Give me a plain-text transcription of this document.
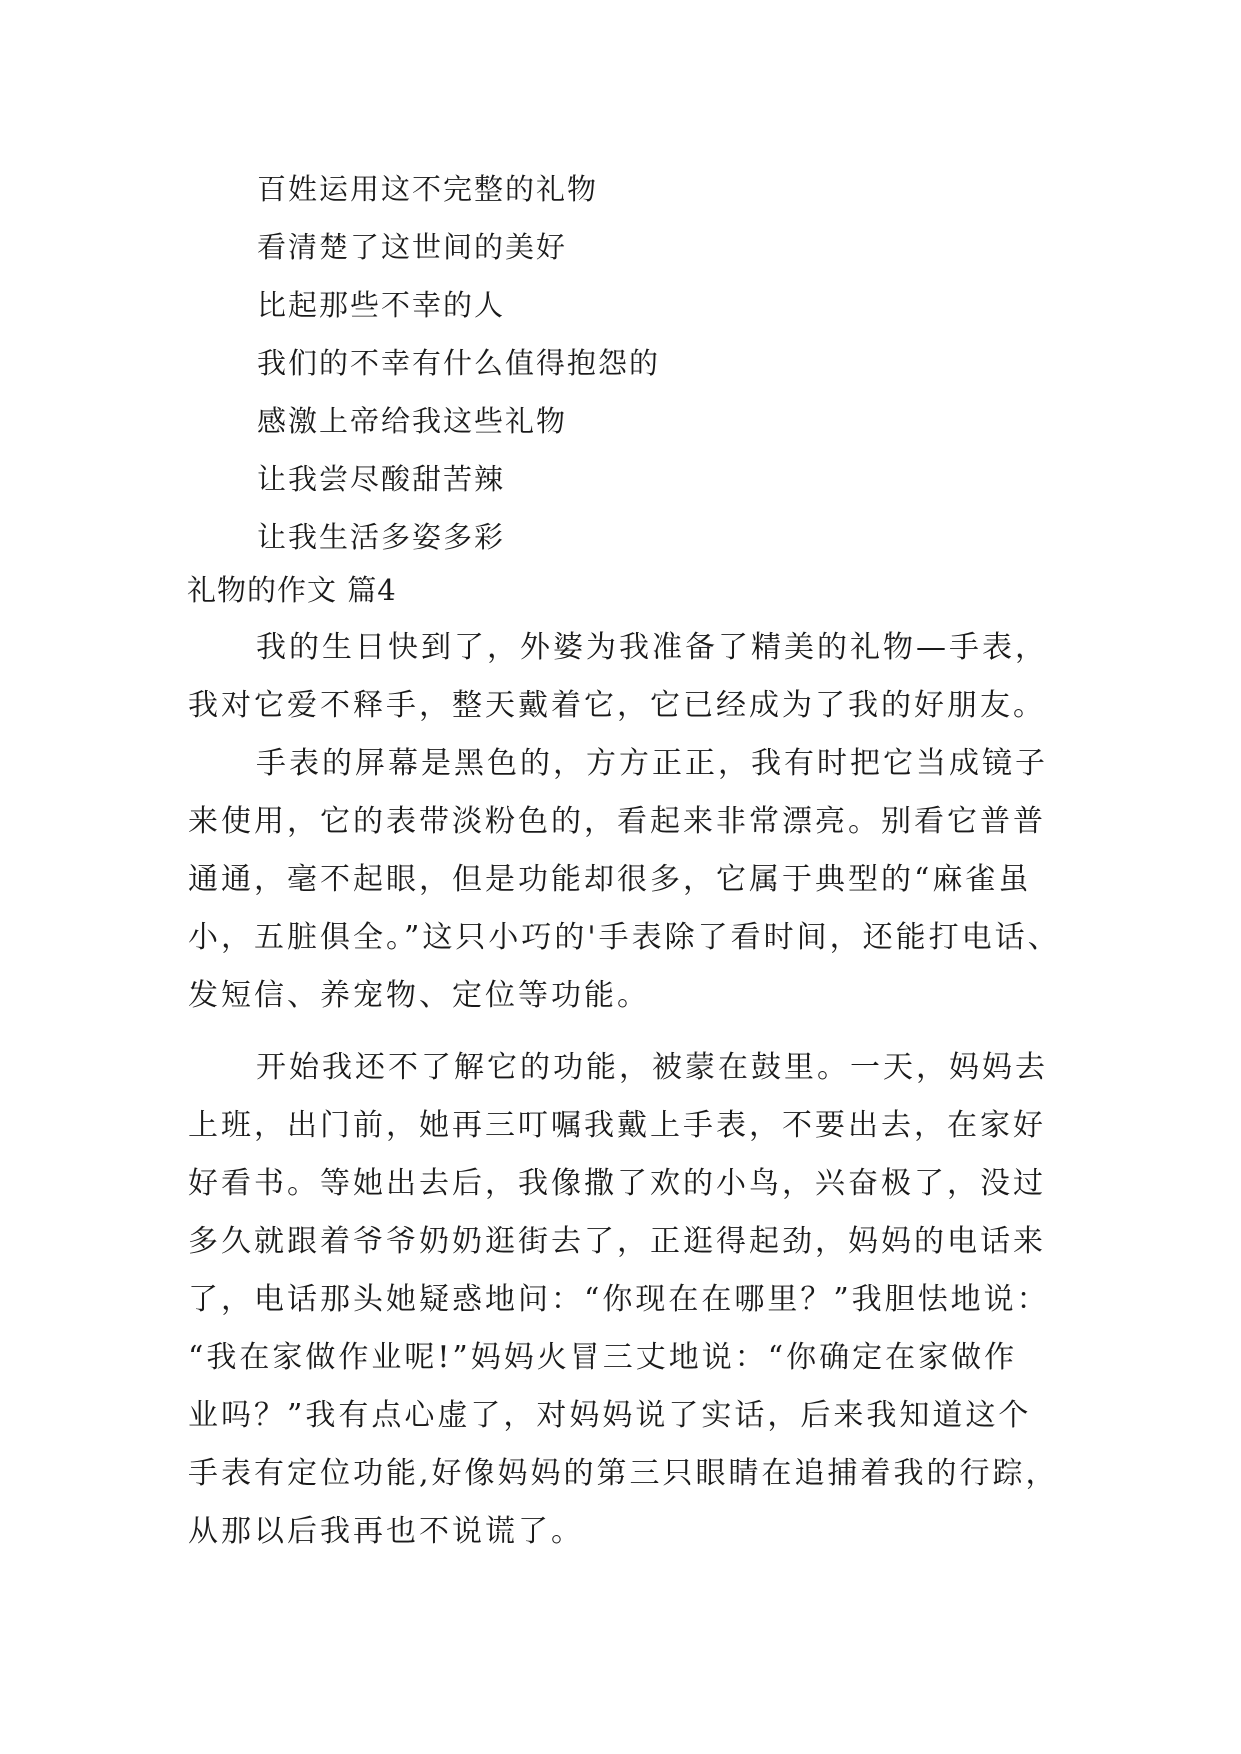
百姓运用这不完整的礼物
看清楚了这世间的美好
比起那些不幸的人
我们的不幸有什么值得抱怨的
感激上帝给我这些礼物
让我尝尽酸甜苦辣
让我生活多姿多彩
礼物的作文 篇4
我的生日快到了，外婆为我准备了精美的礼物—手表，
我对它爱不释手，整天戴着它，它已经成为了我的好朋友。
手表的屏幕是黑色的，方方正正，我有时把它当成镜子
来使用，它的表带淡粉色的，看起来非常漂亮。别看它普普
通通，毫不起眼，但是功能却很多，它属于典型的“麻雀虽
小，五脏俱全。”这只小巧的'手表除了看时间，还能打电话、
发短信、养宠物、定位等功能。
开始我还不了解它的功能，被蒙在鼓里。一天，妈妈去
上班，出门前，她再三叮嘱我戴上手表，不要出去，在家好
好看书。等她出去后，我像撒了欢的小鸟，兴奋极了，没过
多久就跟着爷爷奶奶逛街去了，正逛得起劲，妈妈的电话来
了，电话那头她疑惑地问：“你现在在哪里？”我胆怯地说：
“我在家做作业呢!”妈妈火冒三丈地说：“你确定在家做作
业吗？”我有点心虚了，对妈妈说了实话，后来我知道这个
手表有定位功能,好像妈妈的第三只眼睛在追捕着我的行踪，
从那以后我再也不说谎了。
